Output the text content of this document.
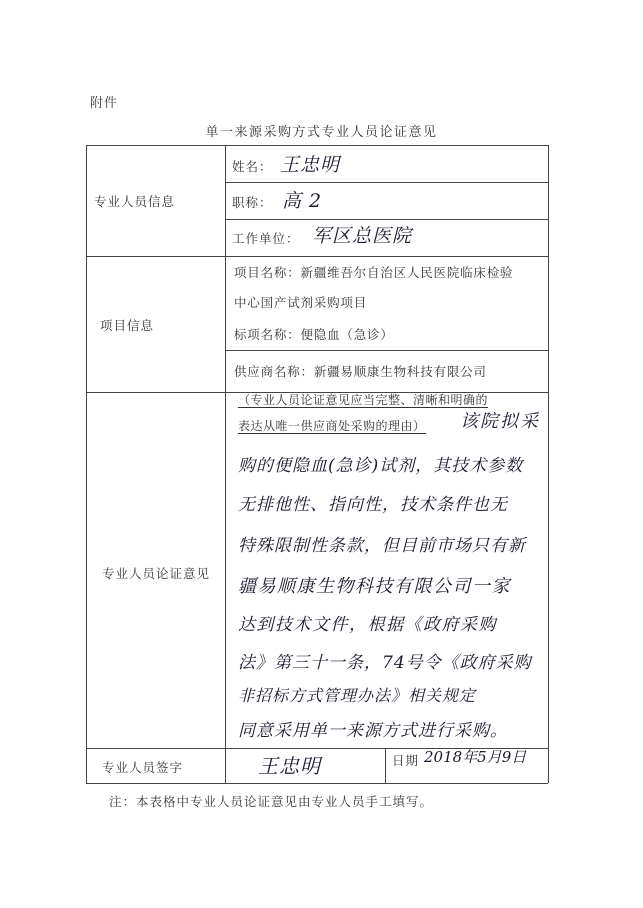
附件
单一来源采购方式专业人员论证意见
专业人员信息
姓名： 王忠明
职称： 高 2
工作单位： 军区总医院
项目信息
项目名称：新疆维吾尔自治区人民医院临床检验
中心国产试剂采购项目
标项名称：便隐血（急诊）
供应商名称：新疆易顺康生物科技有限公司
专业人员论证意见
（专业人员论证意见应当完整、清晰和明确的
表达从唯一供应商处采购的理由）	该院拟采
购的便隐血(急诊)试剂，其技术参数
无排他性、指向性，技术条件也无
特殊限制性条款，但目前市场只有新
疆易顺康生物科技有限公司一家
达到技术文件，根据《政府采购
法》第三十一条，74号令《政府采购
非招标方式管理办法》相关规定
同意采用单一来源方式进行采购。
专业人员签字	王忠明	日期 2018年5月9日
注：本表格中专业人员论证意见由专业人员手工填写。
